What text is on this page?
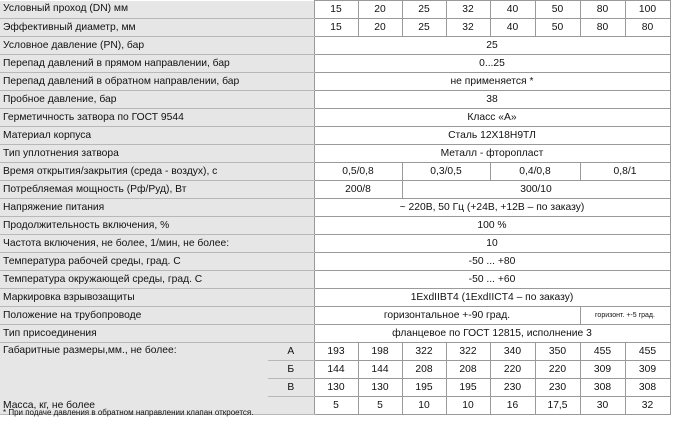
Условный проход (DN) мм		15	20	25	32	40	50	80	100
Эффективный диаметр, мм		15	20	25	32	40	50	80	80
Условное давление (PN), бар		25							
Перепад давлений в прямом направлении, бар		0...25							
Перепад давлений в обратном направлении, бар		не применяется *							
Пробное давление, бар		38							
Герметичность затвора по ГОСТ 9544		Класс «А»							
Материал корпуса		Сталь 12Х18Н9ТЛ							
Тип уплотнения затвора		Металл - фторопласт							
Время открытия/закрытия (среда - воздух), с		0,5/0,8		0,3/0,5		0,4/0,8		0,8/1	
Потребляемая мощность (Рф/Руд), Вт		200/8		300/10					
Напряжение питания		~ 220В, 50 Гц (+24В, +12В – по заказу)							
Продолжительность включения, %		100 %							
Частота включения, не более, 1/мин, не более:		10							
Температура рабочей среды, град. С		-50 ... +80							
Температура окружающей среды, град. С		-50 ... +60							
Маркировка взрывозащиты		1ExdIIBT4 (1ExdIICT4 – по заказу)							
Положение на трубопроводе		горизонтальное +-90 град.						горизонт. +-5 град.	
Тип присоединения		фланцевое по ГОСТ 12815, исполнение 3							
Габаритные размеры,мм., не более:	А	193	198	322	322	340	350	455	455
	Б	144	144	208	208	220	220	309	309
	В	130	130	195	195	230	230	308	308
Масса, кг, не более		5	5	10	10	16	17,5	30	32
* При подаче давления в обратном направлении клапан откроется.
